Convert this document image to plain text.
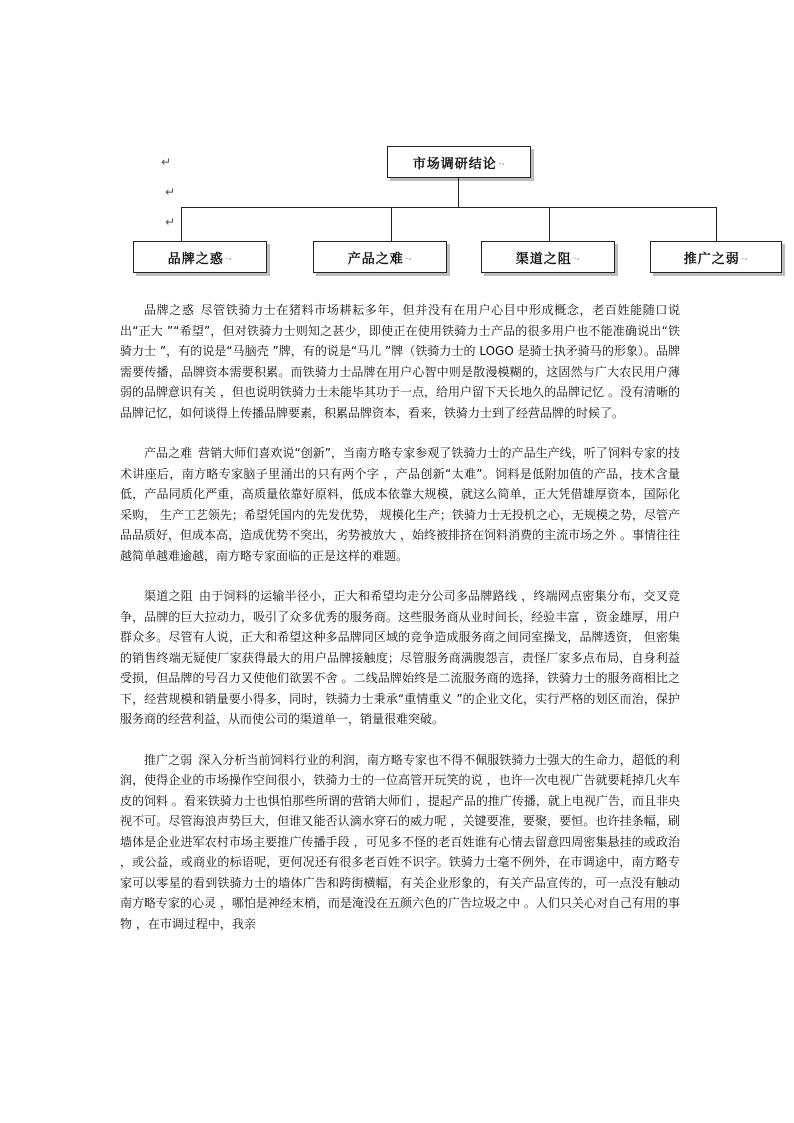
市场调研结论 .,
↵
↵
↵
品牌之惑 .,	产品之难 .,	渠道之阻 .,	推广之弱 .,

品牌之惑 尽管铁骑力士在猪料市场耕耘多年，但并没有在用户心目中形成概念，老百姓能随口说出“正大 ”“希望”，但对铁骑力士则知之甚少，即使正在使用铁骑力士产品的很多用户也不能准确说出“铁骑力士 ”，有的说是“马脑壳 ”牌，有的说是“马儿 ”牌（铁骑力士的 LOGO 是骑士执矛骑马的形象）。品牌需要传播，品牌资本需要积累。而铁骑力士品牌在用户心智中则是散漫模糊的，这固然与广大农民用户薄弱的品牌意识有关 ，但也说明铁骑力士未能毕其功于一点，给用户留下天长地久的品牌记忆 。没有清晰的品牌记忆，如何谈得上传播品牌要素，积累品牌资本，看来，铁骑力士到了经营品牌的时候了。

产品之难 营销大师们喜欢说“创新”，当南方略专家参观了铁骑力士的产品生产线，听了饲料专家的技术讲座后，南方略专家脑子里涌出的只有两个字 ，产品创新“太难”。饲料是低附加值的产品，技术含量低，产品同质化严重，高质量依靠好原料，低成本依靠大规模，就这么简单，正大凭借雄厚资本，国际化采购， 生产工艺领先；希望凭国内的先发优势， 规模化生产；铁骑力士无投机之心，无规模之势，尽管产品品质好，但成本高，造成优势不突出，劣势被放大 ，始终被排挤在饲料消费的主流市场之外 。事情往往越简单越难逾越，南方略专家面临的正是这样的难题。

渠道之阻 由于饲料的运输半径小，正大和希望均走分公司多品牌路线 ，终端网点密集分布，交叉竞争，品牌的巨大拉动力，吸引了众多优秀的服务商。这些服务商从业时间长，经验丰富 ，资金雄厚，用户群众多。尽管有人说，正大和希望这种多品牌同区域的竞争造成服务商之间同室操戈，品牌透资， 但密集的销售终端无疑使厂家获得最大的用户品牌接触度；尽管服务商满腹怨言，责怪厂家多点布局，自身利益受损，但品牌的号召力又使他们欲罢不舍 。二线品牌始终是二流服务商的选择，铁骑力士的服务商相比之下，经营规模和销量要小得多，同时，铁骑力士秉承“重情重义 ”的企业文化，实行严格的划区而治，保护服务商的经营利益，从而使公司的渠道单一，销量很难突破。

推广之弱 深入分析当前饲料行业的利润，南方略专家也不得不佩服铁骑力士强大的生命力，超低的利润，使得企业的市场操作空间很小，铁骑力士的一位高管开玩笑的说 ，也许一次电视广告就要耗掉几火车皮的饲料 。看来铁骑力士也惧怕那些所谓的营销大师们 ，提起产品的推广传播，就上电视广告，而且非央视不可。尽管海浪声势巨大，但谁又能否认滴水穿石的威力呢 ，关键要准，要聚，要恒。也许挂条幅，刷墙体是企业进军农村市场主要推广传播手段 ，可见多不怪的老百姓谁有心情去留意四周密集悬挂的或政治 ，或公益，或商业的标语呢，更何况还有很多老百姓不识字。铁骑力士毫不例外，在市调途中，南方略专家可以零星的看到铁骑力士的墙体广告和跨街横幅，有关企业形象的，有关产品宣传的，可一点没有触动南方略专家的心灵 ，哪怕是神经末梢，而是淹没在五颜六色的广告垃圾之中 。人们只关心对自己有用的事物 ，在市调过程中，我亲
